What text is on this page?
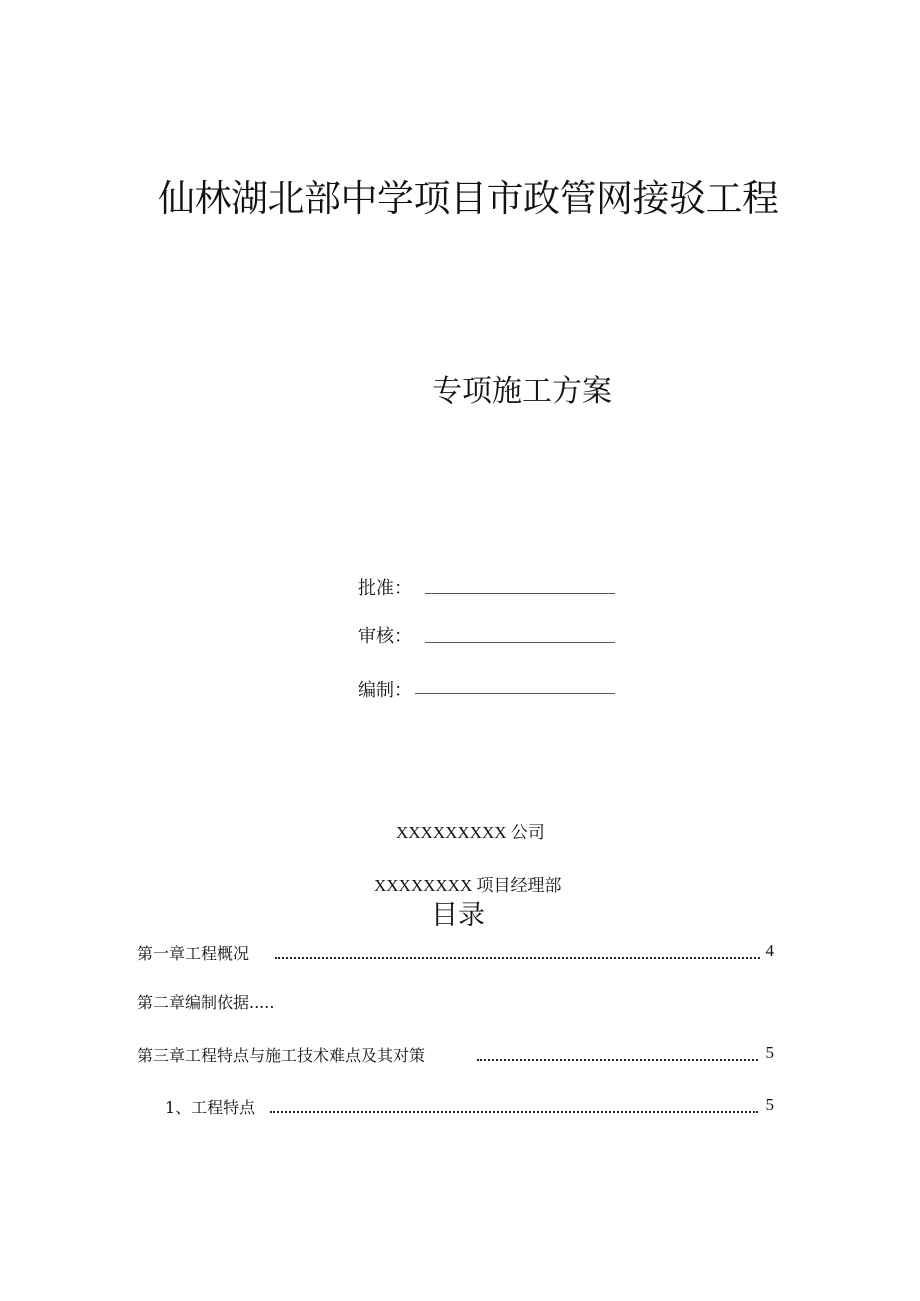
仙林湖北部中学项目市政管网接驳工程
专项施工方案
批准：
审核：
编制：
XXXXXXXXX 公司
XXXXXXXX 项目经理部
目录
第一章工程概况	4
第二章编制依据.....
第三章工程特点与施工技术难点及其对策	5
1、工程特点	5
